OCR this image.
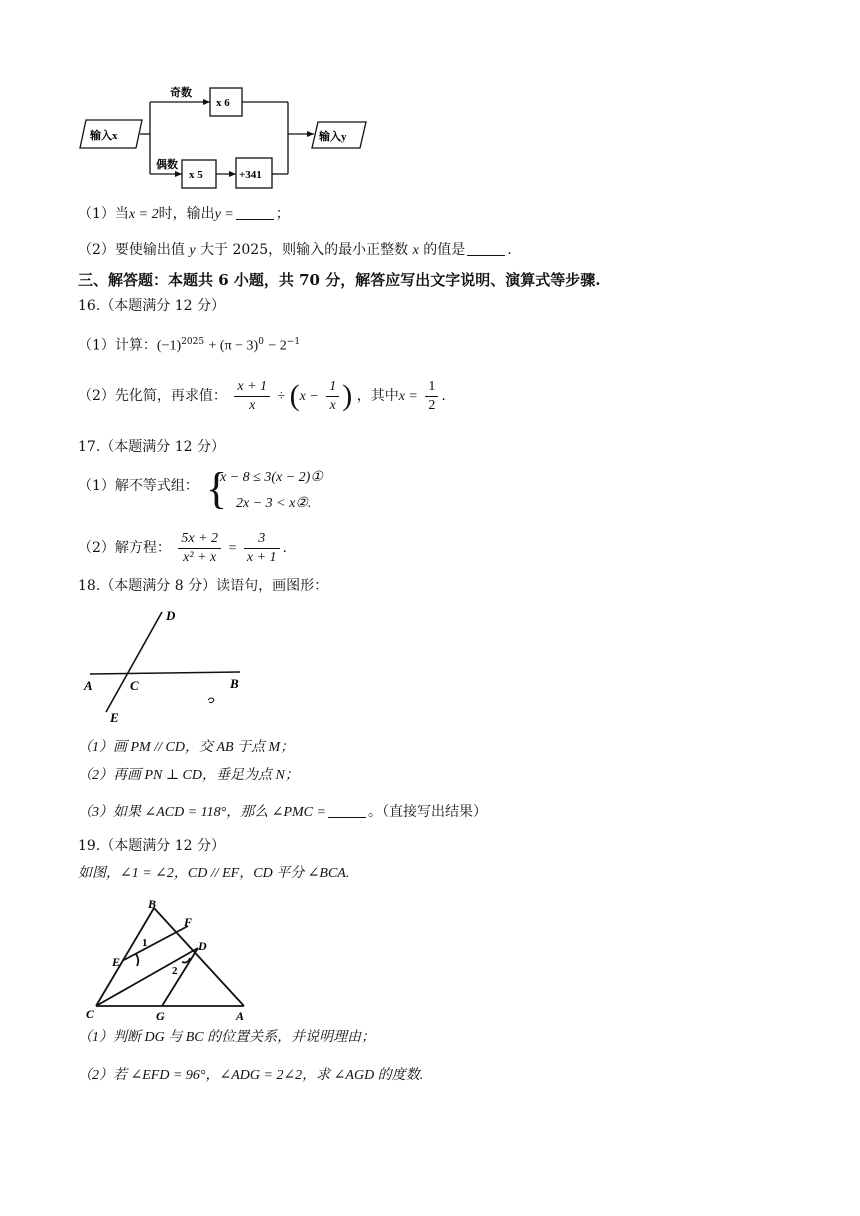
输入x	输入y
奇数
偶数
x 6
x 5	+341
（1）当x = 2时，输出y =	；
（2）要使输出值 y 大于 2025，则输入的最小正整数 x 的值是	.
三、解答题：本题共 6 小题，共 70 分，解答应写出文字说明、演算式等步骤.
16.（本题满分 12 分）
（1）计算：$(-1)^{2025} + (\pi - 3)^0 - 2^{-1}$
（2）先化简，再求值： $\frac{x + 1}{x} \div (x - \frac{1}{x}$ ) ，其中$x = \frac{1}{2}$ .
17.（本题满分 12 分）
（1）解不等式组： {
x − 8 ≤ 3(x − 2)①
2x − 3 < x②.
（2）解方程： $\frac{5x + 2}{\text{x² + x}} = \frac{3}{x + 1}$ .
18.（本题满分 8 分）读语句，画图形：
D
A	C	B
E
（1）画 PM // CD，交 AB 于点 M；
（2）再画 PN ⊥ CD，垂足为点 N；
（3）如果 ∠ACD = 118°，那么 ∠PMC =	。（直接写出结果）
19.（本题满分 12 分）
如图，∠1 = ∠2，CD // EF，CD 平分 ∠BCA.
B
F
D
E
1
2
C	G	A
（1）判断 DG 与 BC 的位置关系，并说明理由；
（2）若 ∠EFD = 96°，∠ADG = 2∠2，求 ∠AGD 的度数.
